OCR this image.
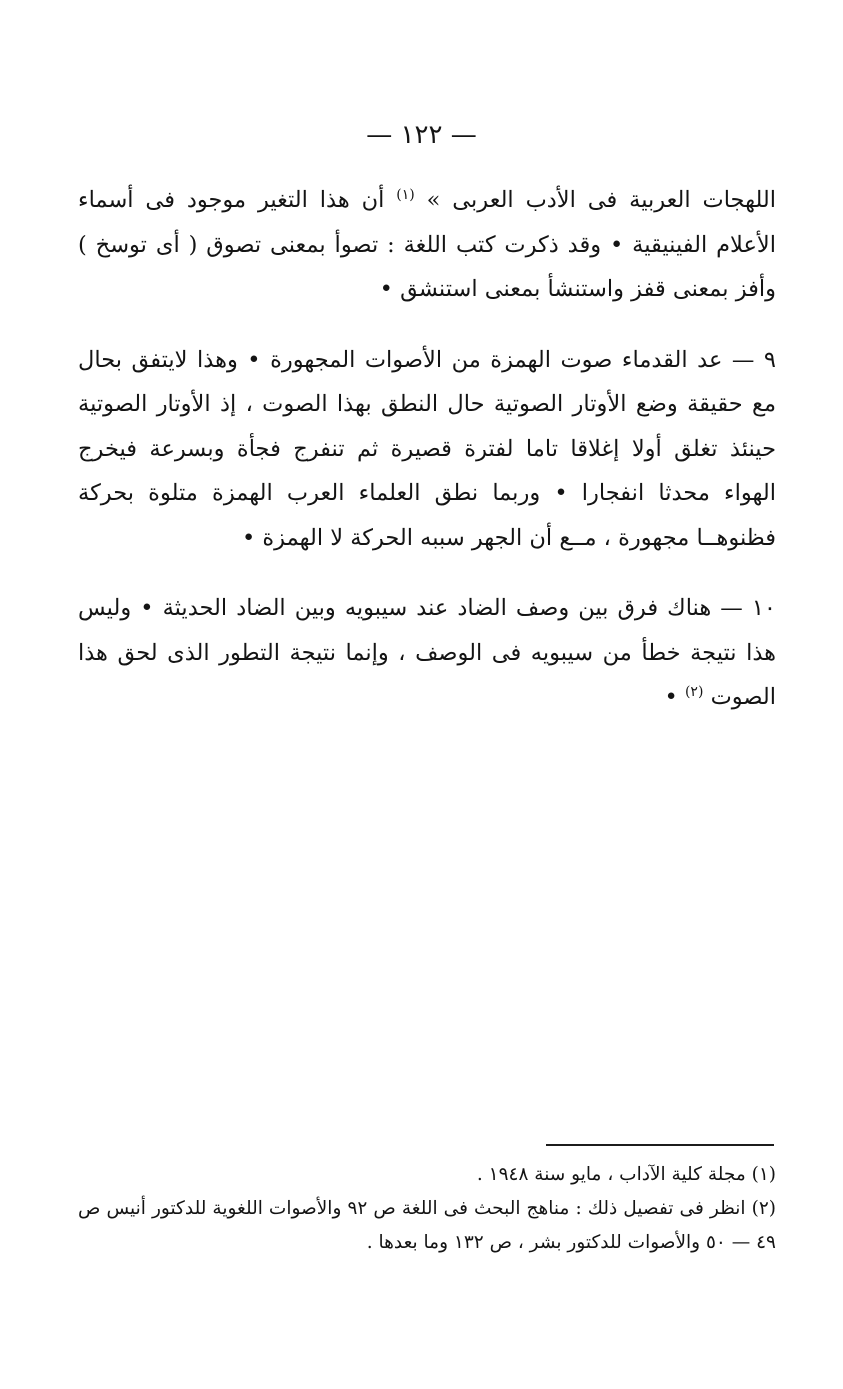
— ١٢٢ —

اللهجات العربية فى الأدب العربى » $^{(١)}$ أن هذا التغير موجود فى أسماء الأعلام الفينيقية • وقد ذكرت كتب اللغة : تصوأ بمعنى تصوق ( أى توسخ ) وأفز بمعنى قفز واستنشأ بمعنى استنشق •

٩ — عد القدماء صوت الهمزة من الأصوات المجهورة • وهذا لايتفق بحال مع حقيقة وضع الأوتار الصوتية حال النطق بهذا الصوت ، إذ الأوتار الصوتية حينئذ تغلق أولا إغلاقا تاما لفترة قصيرة ثم تنفرج فجأة وبسرعة فيخرج الهواء محدثا انفجارا • وربما نطق العلماء العرب الهمزة متلوة بحركة فظنوهــا مجهورة ، مــع أن الجهر سببه الحركة لا الهمزة •

١٠ — هناك فرق بين وصف الضاد عند سيبويه وبين الضاد الحديثة • وليس هذا نتيجة خطأ من سيبويه فى الوصف ، وإنما نتيجة التطور الذى لحق هذا الصوت $^{(٢)}$ •

(١) مجلة كلية الآداب ، مايو سنة ١٩٤٨ .

(٢) انظر فى تفصيل ذلك : مناهج البحث فى اللغة ص ٩٢ والأصوات اللغوية للدكتور أنيس ص ٤٩ — ٥٠ والأصوات للدكتور بشر ، ص ١٣٢ وما بعدها .
